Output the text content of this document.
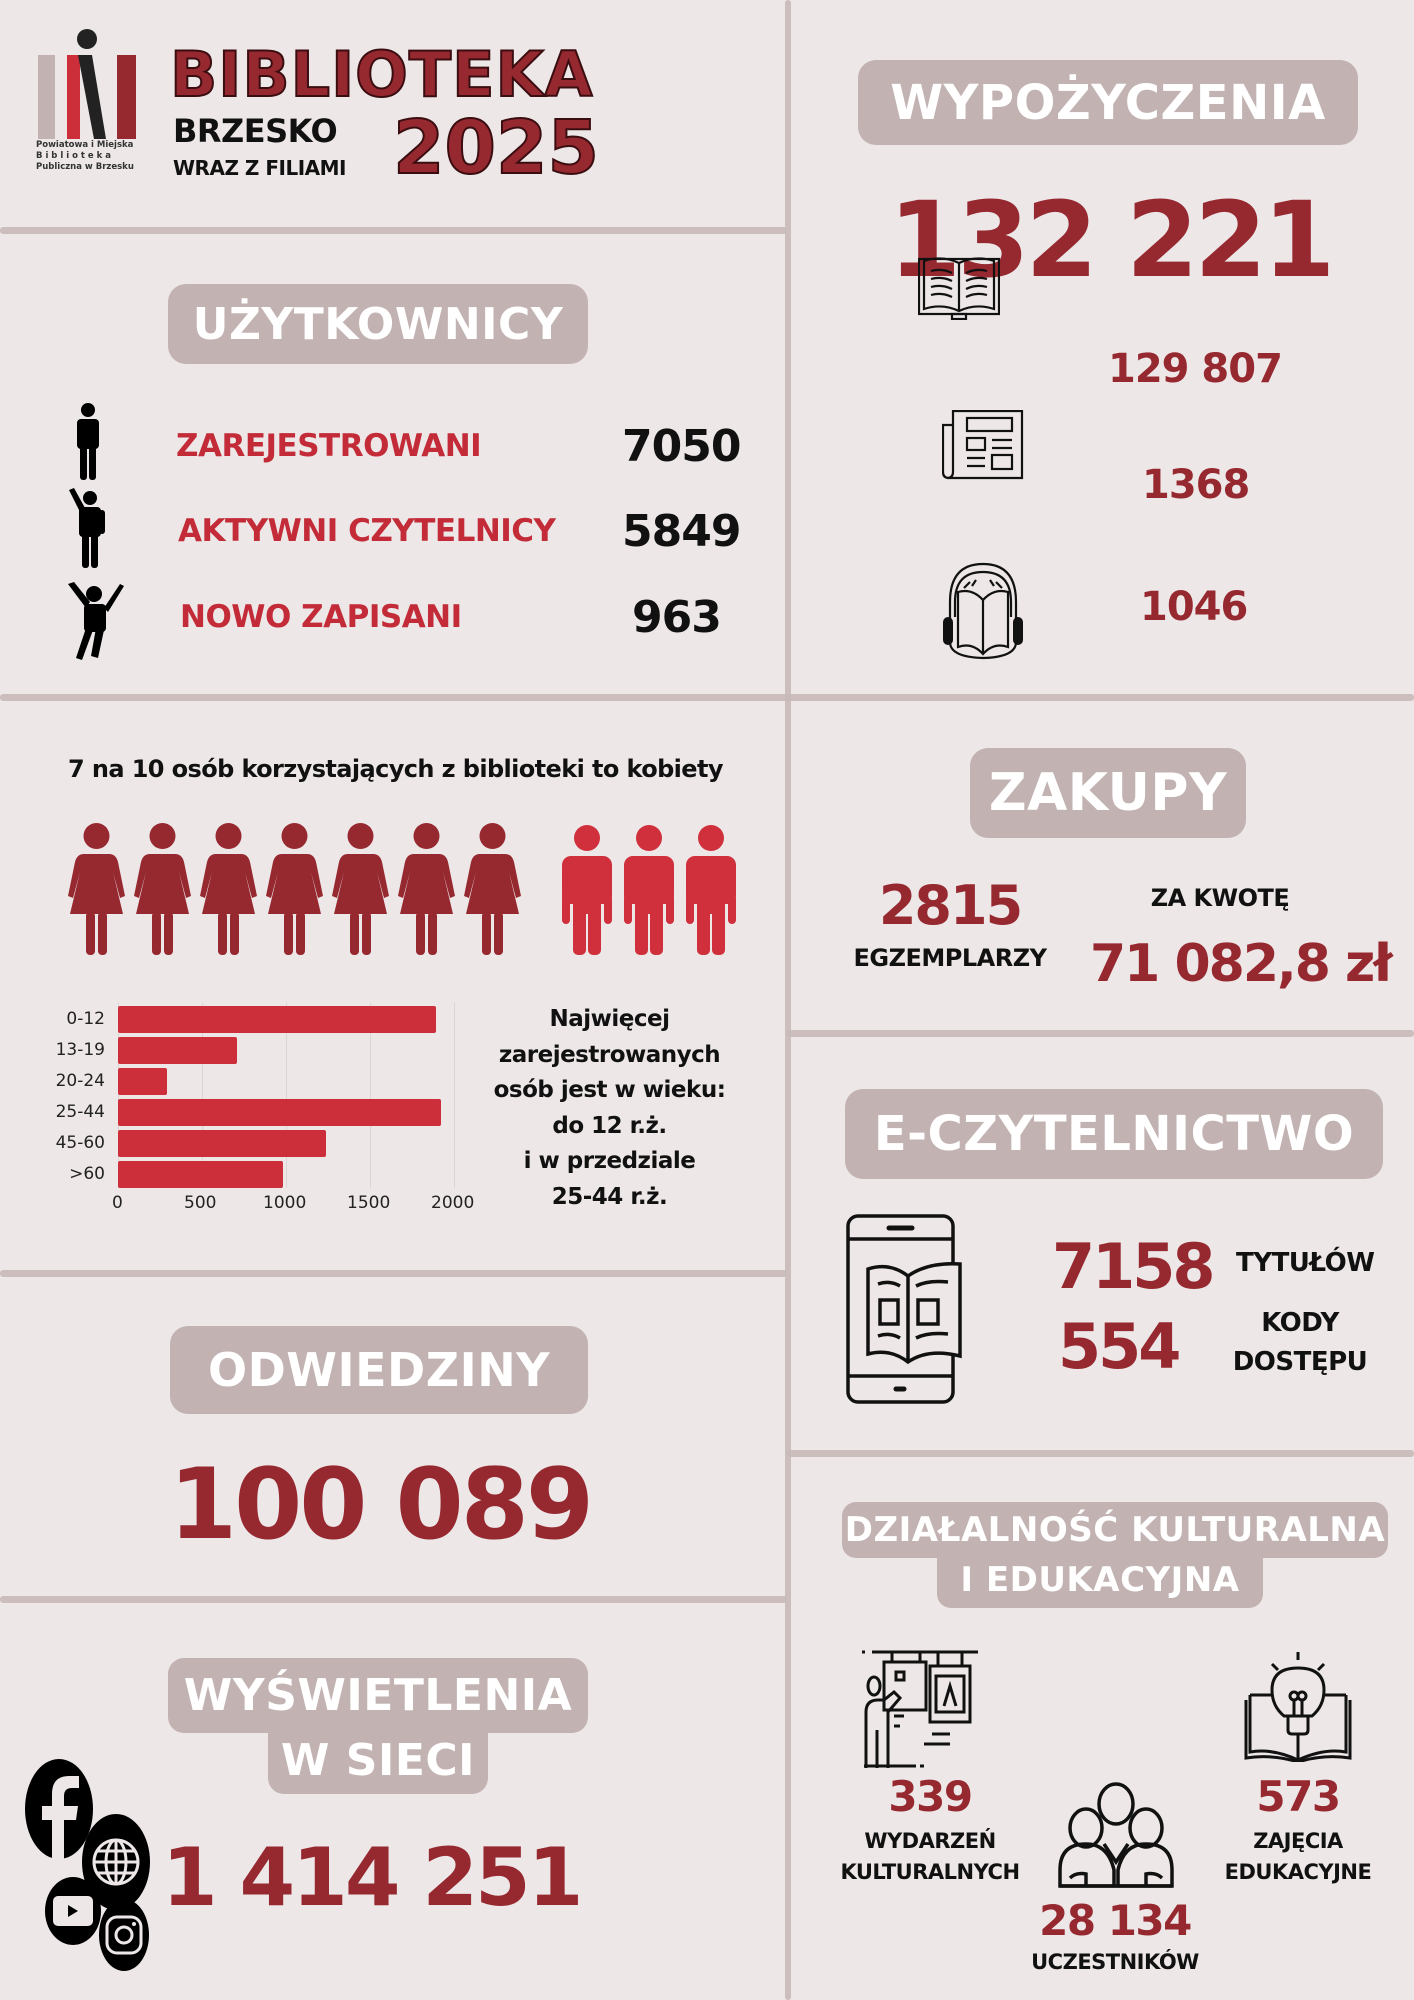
Powiatowa i Miejska
B i b l i o t e k a
Publiczna w Brzesku
BIBLIOTEKA
BRZESKO
WRAZ Z FILIAMI 2025
UŻYTKOWNICY
ZAREJESTROWANI	7050
AKTYWNI CZYTELNICY 5849
NOWO ZAPISANI	963
7 na 10 osób korzystających z biblioteki to kobiety
0-12
13-19
20-24
25-44
45-60
>60
0	500	1000 1500 2000
Najwięcej
zarejestrowanych
osób jest w wieku:
do 12 r.ż.
i w przedziale
25-44 r.ż.
ODWIEDZINY
100 089
WYŚWIETLENIA
W SIECI
1 414 251
WYPOŻYCZENIA
132 221
129 807
1368
1046
ZAKUPY
2815
EGZEMPLARZY
ZA KWOTĘ
71 082,8 zł
E-CZYTELNICTWO
7158 TYTUŁÓW
554	KODY
DOSTĘPU
DZIAŁALNOŚĆ KULTURALNA
I EDUKACYJNA
339
WYDARZEŃ
KULTURALNYCH
573
ZAJĘCIA
EDUKACYJNE
28 134
UCZESTNIKÓW
